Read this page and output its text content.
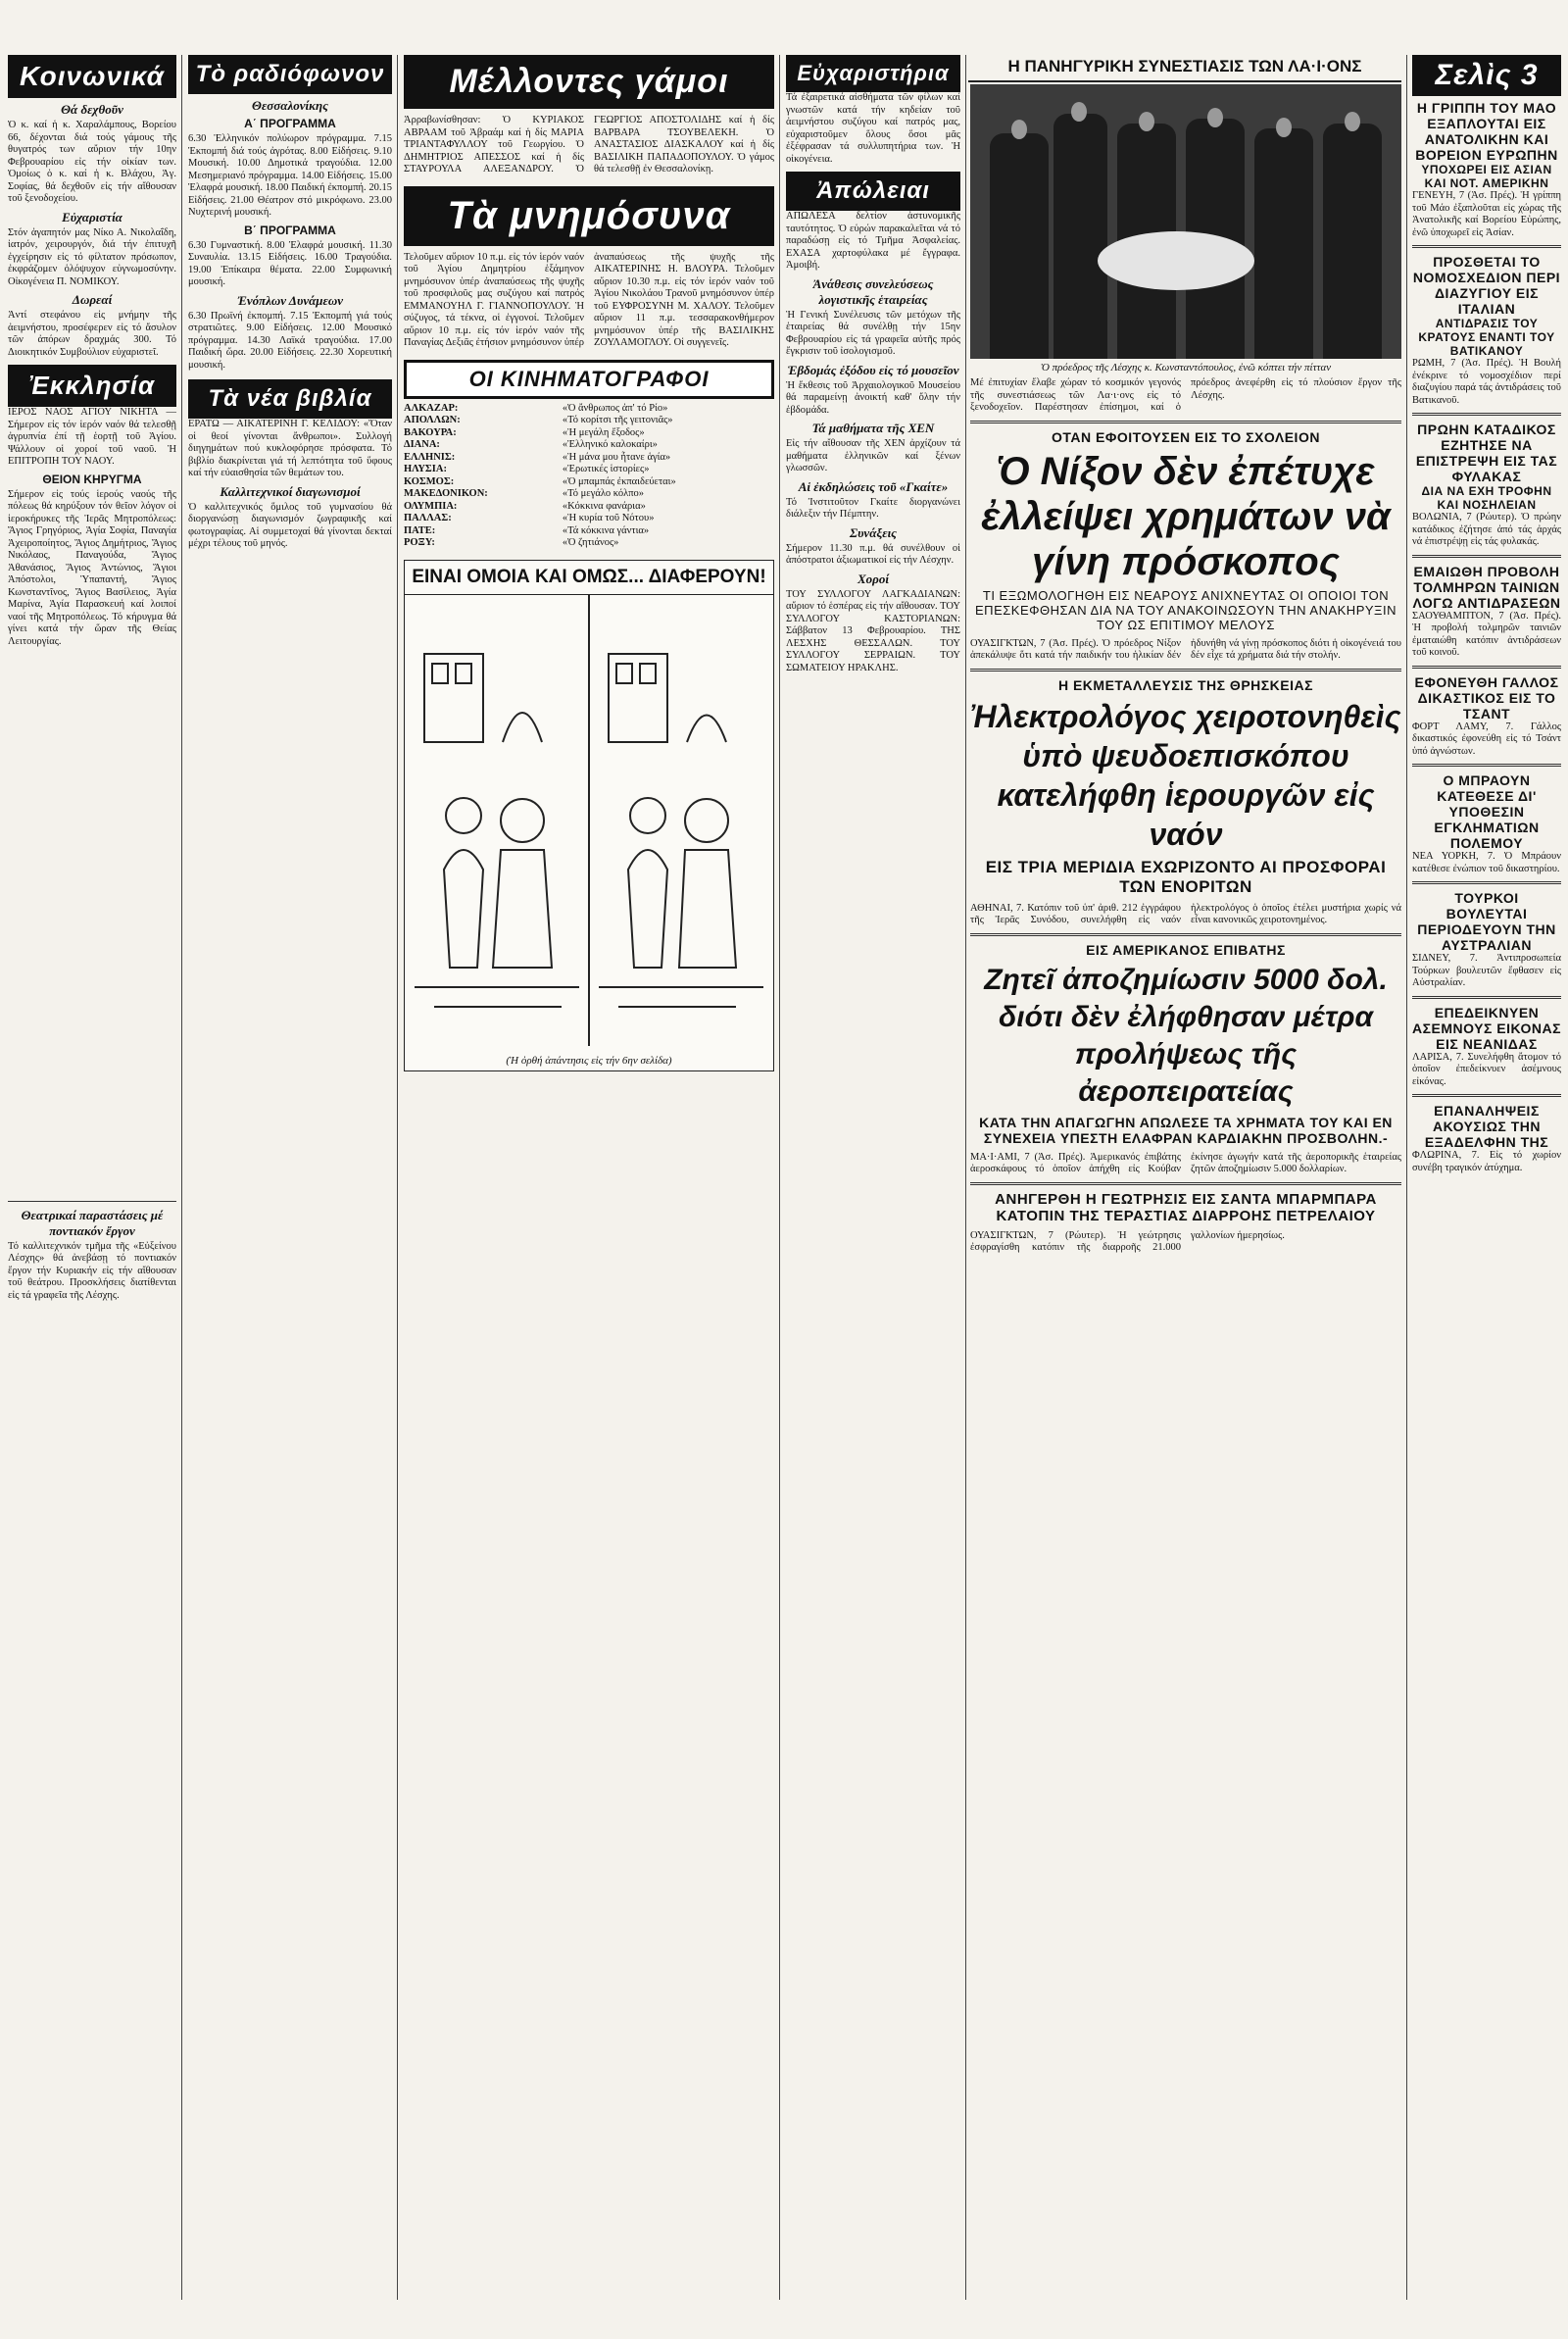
Η ΠΑΝΗΓΥΡΙΚΗ ΣΥΝΕΣΤΙΑΣΙΣ ΤΩΝ ΛΑ·Ι·ΟΝΣ
Κοινωνικά
Θά δεχθοῦν

Ὁ κ. καί ἡ κ. Χαραλάμπους, Βορείου 66, δέχονται διά τούς γάμους τῆς θυγατρός των αὔριον τήν 10ην Φεβρουαρίου εἰς τήν οἰκίαν των. Ὁμοίως ὁ κ. καί ἡ κ. Βλάχου, Ἀγ. Σοφίας, θά δεχθοῦν εἰς τήν αἴθουσαν τοῦ ξενοδοχείου.

Εὐχαριστία

Στόν ἀγαπητόν μας Νίκο Α. Νικολαΐδη, ἰατρόν, χειρουργόν, διά τήν ἐπιτυχῆ ἐγχείρησιν εἰς τό φίλτατον πρόσωπον, ἐκφράζομεν ὁλόψυχον εὐγνωμοσύνην. Οἰκογένεια Π. ΝΟΜΙΚΟΥ.

Δωρεαί

Ἀντί στεφάνου εἰς μνήμην τῆς ἀειμνήστου, προσέφερεν εἰς τό ἄσυλον τῶν ἀπόρων δραχμάς 300. Τό Διοικητικόν Συμβούλιον εὐχαριστεῖ.

Ἐκκλησία

ΙΕΡΟΣ ΝΑΟΣ ΑΓΙΟΥ ΝΙΚΗΤΑ — Σήμερον εἰς τόν ἱερόν ναόν θά τελεσθῇ ἀγρυπνία ἐπί τῇ ἑορτῇ τοῦ Ἁγίου. Ψάλλουν οἱ χοροί τοῦ ναοῦ. Ἡ ΕΠΙΤΡΟΠΗ ΤΟΥ ΝΑΟΥ.

ΘΕΙΟΝ ΚΗΡΥΓΜΑ

Σήμερον εἰς τούς ἱερούς ναούς τῆς πόλεως θά κηρύξουν τόν θεῖον λόγον οἱ ἱεροκήρυκες τῆς Ἱερᾶς Μητροπόλεως: Ἅγιος Γρηγόριος, Ἁγία Σοφία, Παναγία Ἀχειροποίητος, Ἅγιος Δημήτριος, Ἅγιος Νικόλαος, Παναγούδα, Ἅγιος Ἀθανάσιος, Ἅγιος Ἀντώνιος, Ἅγιοι Ἀπόστολοι, Ὑπαπαντή, Ἅγιος Κωνσταντῖνος, Ἅγιος Βασίλειος, Ἁγία Μαρίνα, Ἁγία Παρασκευή καί λοιποί ναοί τῆς Μητροπόλεως. Τό κήρυγμα θά γίνει κατά τήν ὥραν τῆς Θείας Λειτουργίας.

Θεατρικαί παραστάσεις μέ ποντιακόν ἔργον

Τό καλλιτεχνικόν τμῆμα τῆς «Εὐξείνου Λέσχης» θά ἀνεβάσῃ τό ποντιακόν ἔργον τήν Κυριακήν εἰς τήν αἴθουσαν τοῦ θεάτρου. Προσκλήσεις διατίθενται εἰς τά γραφεῖα τῆς Λέσχης.

Τὸ ραδιόφωνον
Θεσσαλονίκης
Α΄ ΠΡΟΓΡΑΜΜΑ

6.30 Ἑλληνικόν πολύωρον πρόγραμμα. 7.15 Ἐκπομπή διά τούς ἀγρότας. 8.00 Εἰδήσεις. 9.10 Μουσική. 10.00 Δημοτικά τραγούδια. 12.00 Μεσημεριανό πρόγραμμα. 14.00 Εἰδήσεις. 15.00 Ἐλαφρά μουσική. 18.00 Παιδική ἐκπομπή. 20.15 Εἰδήσεις. 21.00 Θέατρον στό μικρόφωνο. 23.00 Νυχτερινή μουσική.

Β΄ ΠΡΟΓΡΑΜΜΑ

6.30 Γυμναστική. 8.00 Ἐλαφρά μουσική. 11.30 Συναυλία. 13.15 Εἰδήσεις. 16.00 Τραγούδια. 19.00 Ἐπίκαιρα θέματα. 22.00 Συμφωνική μουσική.

Ἐνόπλων Δυνάμεων

6.30 Πρωϊνή ἐκπομπή. 7.15 Ἐκπομπή γιά τούς στρατιῶτες. 9.00 Εἰδήσεις. 12.00 Μουσικό πρόγραμμα. 14.30 Λαϊκά τραγούδια. 17.00 Παιδική ὥρα. 20.00 Εἰδήσεις. 22.30 Χορευτική μουσική.

Τὰ νέα βιβλία

ΕΡΑΤΩ — ΑΙΚΑΤΕΡΙΝΗ Γ. ΚΕΛΙΔΟΥ: «Ὅταν οἱ θεοί γίνονται ἄνθρωποι». Συλλογή διηγημάτων πού κυκλοφόρησε πρόσφατα. Τό βιβλίο διακρίνεται γιά τή λεπτότητα τοῦ ὕφους καί τήν εὐαισθησία τῶν θεμάτων του.

Καλλιτεχνικοί διαγωνισμοί

Ὁ καλλιτεχνικός ὅμιλος τοῦ γυμνασίου θά διοργανώσῃ διαγωνισμόν ζωγραφικῆς καί φωτογραφίας. Αἱ συμμετοχαί θά γίνονται δεκταί μέχρι τέλους τοῦ μηνός.

Μέλλοντες γάμοι

Ἀρραβωνίσθησαν: Ὁ ΚΥΡΙΑΚΟΣ ΑΒΡΑΑΜ τοῦ Ἀβραάμ καί ἡ δίς ΜΑΡΙΑ ΤΡΙΑΝΤΑΦΥΛΛΟΥ τοῦ Γεωργίου. Ὁ ΔΗΜΗΤΡΙΟΣ ΑΠΕΣΣΟΣ καί ἡ δίς ΣΤΑΥΡΟΥΛΑ ΑΛΕΞΑΝΔΡΟΥ. Ὁ ΓΕΩΡΓΙΟΣ ΑΠΟΣΤΟΛΙΔΗΣ καί ἡ δίς ΒΑΡΒΑΡΑ ΤΣΟΥΒΕΛΕΚΗ. Ὁ ΑΝΑΣΤΑΣΙΟΣ ΔΙΑΣΚΑΛΟΥ καί ἡ δίς ΒΑΣΙΛΙΚΗ ΠΑΠΑΔΟΠΟΥΛΟΥ. Ὁ γάμος θά τελεσθῇ ἐν Θεσσαλονίκῃ.

Τὰ μνημόσυνα

Τελοῦμεν αὔριον 10 π.μ. εἰς τόν ἱερόν ναόν τοῦ Ἁγίου Δημητρίου ἑξάμηνον μνημόσυνον ὑπέρ ἀναπαύσεως τῆς ψυχῆς τοῦ προσφιλοῦς μας συζύγου καί πατρός ΕΜΜΑΝΟΥΗΛ Γ. ΓΙΑΝΝΟΠΟΥΛΟΥ. Ἡ σύζυγος, τά τέκνα, οἱ ἐγγονοί. Τελοῦμεν αὔριον 10 π.μ. εἰς τόν ἱερόν ναόν τῆς Παναγίας Δεξιᾶς ἐτήσιον μνημόσυνον ὑπέρ ἀναπαύσεως τῆς ψυχῆς τῆς ΑΙΚΑΤΕΡΙΝΗΣ Η. ΒΛΟΥΡΑ. Τελοῦμεν αὔριον 10.30 π.μ. εἰς τόν ἱερόν ναόν τοῦ Ἁγίου Νικολάου Τρανοῦ μνημόσυνον ὑπέρ τοῦ ΕΥΦΡΟΣΥΝΗ Μ. ΧΑΛΟΥ. Τελοῦμεν αὔριον 11 π.μ. τεσσαρακονθήμερον μνημόσυνον ὑπέρ τῆς ΒΑΣΙΛΙΚΗΣ ΖΟΥΛΑΜΟΓΛΟΥ. Οἱ συγγενεῖς.

ΟΙ ΚΙΝΗΜΑΤΟΓΡΑΦΟΙ
ΑΛΚΑΖΑΡ:	«Ὁ ἄνθρωπος ἀπ' τό Ρίο»
ΑΠΟΛΛΩΝ:	«Τό κορίτσι τῆς γειτονιᾶς»
ΒΑΚΟΥΡΑ:	«Ἡ μεγάλη ἔξοδος»
ΔΙΑΝΑ:	«Ἑλληνικό καλοκαίρι»
ΕΛΛΗΝΙΣ:	«Ἡ μάνα μου ἦτανε ἁγία»
ΗΛΥΣΙΑ:	«Ἐρωτικές ἱστορίες»
ΚΟΣΜΟΣ:	«Ὁ μπαμπάς ἐκπαιδεύεται»
ΜΑΚΕΔΟΝΙΚΟΝ:	«Τό μεγάλο κόλπο»
ΟΛΥΜΠΙΑ:	«Κόκκινα φανάρια»
ΠΑΛΛΑΣ:	«Ἡ κυρία τοῦ Νότου»
ΠΑΤΕ:	«Τά κόκκινα γάντια»
ΡΟΞΥ:	«Ὁ ζητιάνος»
ΕΙΝΑΙ ΟΜΟΙΑ ΚΑΙ ΟΜΩΣ... ΔΙΑΦΕΡΟΥΝ!
(Ἡ ὀρθή ἀπάντησις εἰς τήν 6ην σελίδα)
Εὐχαριστήρια

Τά ἐξαιρετικά αἰσθήματα τῶν φίλων καί γνωστῶν κατά τήν κηδείαν τοῦ ἀειμνήστου συζύγου καί πατρός μας, εὐχαριστοῦμεν ὅλους ὅσοι μᾶς ἐξέφρασαν τά συλλυπητήρια των. Ἡ οἰκογένεια.

Ἀπώλειαι

ΑΠΩΛΕΣΑ δελτίον ἀστυνομικῆς ταυτότητος. Ὁ εὑρών παρακαλεῖται νά τό παραδώσῃ εἰς τό Τμῆμα Ἀσφαλείας. ΕΧΑΣΑ χαρτοφύλακα μέ ἔγγραφα. Ἀμοιβή.

Ἀνάθεσις συνελεύσεως λογιστικῆς ἑταιρείας

Ἡ Γενική Συνέλευσις τῶν μετόχων τῆς ἑταιρείας θά συνέλθῃ τήν 15ην Φεβρουαρίου εἰς τά γραφεῖα αὐτῆς πρός ἔγκρισιν τοῦ ἰσολογισμοῦ.

Ἑβδομάς ἐξόδου εἰς τό μουσεῖον

Ἡ ἔκθεσις τοῦ Ἀρχαιολογικοῦ Μουσείου θά παραμείνῃ ἀνοικτή καθ' ὅλην τήν ἑβδομάδα.

Τά μαθήματα τῆς ΧΕΝ

Εἰς τήν αἴθουσαν τῆς ΧΕΝ ἀρχίζουν τά μαθήματα ἑλληνικῶν καί ξένων γλωσσῶν.

Αἱ ἐκδηλώσεις τοῦ «Γκαίτε»

Τό Ἰνστιτοῦτον Γκαίτε διοργανώνει διάλεξιν τήν Πέμπτην.

Συνάξεις

Σήμερον 11.30 π.μ. θά συνέλθουν οἱ ἀπόστρατοι ἀξιωματικοί εἰς τήν Λέσχην.

Χοροί

ΤΟΥ ΣΥΛΛΟΓΟΥ ΛΑΓΚΑΔΙΑΝΩΝ: αὔριον τό ἑσπέρας εἰς τήν αἴθουσαν. ΤΟΥ ΣΥΛΛΟΓΟΥ ΚΑΣΤΟΡΙΑΝΩΝ: Σάββατον 13 Φεβρουαρίου. ΤΗΣ ΛΕΣΧΗΣ ΘΕΣΣΑΛΩΝ. ΤΟΥ ΣΥΛΛΟΓΟΥ ΣΕΡΡΑΙΩΝ. ΤΟΥ ΣΩΜΑΤΕΙΟΥ ΗΡΑΚΛΗΣ.

Ὁ πρόεδρος τῆς Λέσχης κ. Κωνσταντόπουλος, ἐνῶ κόπτει τήν πίτταν

Μέ ἐπιτυχίαν ἔλαβε χώραν τό κοσμικόν γεγονός τῆς συνεστιάσεως τῶν Λα·ι·ονς εἰς τό ξενοδοχεῖον. Παρέστησαν ἐπίσημοι, καί ὁ πρόεδρος ἀνεφέρθη εἰς τό πλούσιον ἔργον τῆς Λέσχης.

ΟΤΑΝ ΕΦΟΙΤΟΥΣΕΝ ΕΙΣ ΤΟ ΣΧΟΛΕΙΟΝ
Ὁ Νίξον δὲν ἐπέτυχε ἐλλείψει χρημάτων νὰ γίνη πρόσκοπος
ΤΙ ΕΞΩΜΟΛΟΓΗΘΗ ΕΙΣ ΝΕΑΡΟΥΣ ΑΝΙΧΝΕΥΤΑΣ ΟΙ ΟΠΟΙΟΙ ΤΟΝ ΕΠΕΣΚΕΦΘΗΣΑΝ ΔΙΑ ΝΑ ΤΟΥ ΑΝΑΚΟΙΝΩΣΟΥΝ ΤΗΝ ΑΝΑΚΗΡΥΞΙΝ ΤΟΥ ΩΣ ΕΠΙΤΙΜΟΥ ΜΕΛΟΥΣ

ΟΥΑΣΙΓΚΤΩΝ, 7 (Ἀσ. Πρές). Ὁ πρόεδρος Νίξον ἀπεκάλυψε ὅτι κατά τήν παιδικήν του ἡλικίαν δέν ἠδυνήθη νά γίνῃ πρόσκοπος διότι ἡ οἰκογένειά του δέν εἶχε τά χρήματα διά τήν στολήν.

Η ΕΚΜΕΤΑΛΛΕΥΣΙΣ ΤΗΣ ΘΡΗΣΚΕΙΑΣ
Ἠλεκτρολόγος χειροτονηθεὶς ὑπὸ ψευδοεπισκόπου κατελήφθη ἱερουργῶν εἰς ναόν
ΕΙΣ ΤΡΙΑ ΜΕΡΙΔΙΑ ΕΧΩΡΙΖΟΝΤΟ ΑΙ ΠΡΟΣΦΟΡΑΙ ΤΩΝ ΕΝΟΡΙΤΩΝ

ΑΘΗΝΑΙ, 7. Κατόπιν τοῦ ὑπ' ἀριθ. 212 ἐγγράφου τῆς Ἱερᾶς Συνόδου, συνελήφθη εἰς ναόν ἠλεκτρολόγος ὁ ὁποῖος ἐτέλει μυστήρια χωρίς νά εἶναι κανονικῶς χειροτονημένος.

ΕΙΣ ΑΜΕΡΙΚΑΝΟΣ ΕΠΙΒΑΤΗΣ
Ζητεῖ ἀποζημίωσιν 5000 δολ. διότι δὲν ἐλήφθησαν μέτρα προλήψεως τῆς ἀεροπειρατείας
ΚΑΤΑ ΤΗΝ ΑΠΑΓΩΓΗΝ ΑΠΩΛΕΣΕ ΤΑ ΧΡΗΜΑΤΑ ΤΟΥ ΚΑΙ ΕΝ ΣΥΝΕΧΕΙΑ ΥΠΕΣΤΗ ΕΛΑΦΡΑΝ ΚΑΡΔΙΑΚΗΝ ΠΡΟΣΒΟΛΗΝ.-

ΜΑ·Ι·ΑΜΙ, 7 (Ἀσ. Πρές). Ἀμερικανός ἐπιβάτης ἀεροσκάφους τό ὁποῖον ἀπήχθη εἰς Κούβαν ἐκίνησε ἀγωγήν κατά τῆς ἀεροπορικῆς ἑταιρείας ζητῶν ἀποζημίωσιν 5.000 δολλαρίων.

ΑΝΗΓΕΡΘΗ Η ΓΕΩΤΡΗΣΙΣ ΕΙΣ ΣΑΝΤΑ ΜΠΑΡΜΠΑΡΑ ΚΑΤΟΠΙΝ ΤΗΣ ΤΕΡΑΣΤΙΑΣ ΔΙΑΡΡΟΗΣ ΠΕΤΡΕΛΑΙΟΥ

ΟΥΑΣΙΓΚΤΩΝ, 7 (Ρώυτερ). Ἡ γεώτρησις ἐσφραγίσθη κατόπιν τῆς διαρροῆς 21.000 γαλλονίων ἡμερησίως.

Σελὶς 3
Η ΓΡΙΠΠΗ ΤΟΥ ΜΑΟ ΕΞΑΠΛΟΥΤΑΙ ΕΙΣ ΑΝΑΤΟΛΙΚΗΝ ΚΑΙ ΒΟΡΕΙΟΝ ΕΥΡΩΠΗΝ
ΥΠΟΧΩΡΕΙ ΕΙΣ ΑΣΙΑΝ ΚΑΙ ΝΟΤ. ΑΜΕΡΙΚΗΝ

ΓΕΝΕΥΗ, 7 (Ἀσ. Πρές). Ἡ γρίππη τοῦ Μάο ἐξαπλοῦται εἰς χώρας τῆς Ἀνατολικῆς καί Βορείου Εὐρώπης, ἐνῶ ὑποχωρεῖ εἰς Ἀσίαν.

ΠΡΟΣΘΕΤΑΙ ΤΟ ΝΟΜΟΣΧΕΔΙΟΝ ΠΕΡΙ ΔΙΑΖΥΓΙΟΥ ΕΙΣ ΙΤΑΛΙΑΝ
ΑΝΤΙΔΡΑΣΙΣ ΤΟΥ ΚΡΑΤΟΥΣ ΕΝΑΝΤΙ ΤΟΥ ΒΑΤΙΚΑΝΟΥ

ΡΩΜΗ, 7 (Ἀσ. Πρές). Ἡ Βουλή ἐνέκρινε τό νομοσχέδιον περί διαζυγίου παρά τάς ἀντιδράσεις τοῦ Βατικανοῦ.

ΠΡΩΗΝ ΚΑΤΑΔΙΚΟΣ ΕΖΗΤΗΣΕ ΝΑ ΕΠΙΣΤΡΕΨΗ ΕΙΣ ΤΑΣ ΦΥΛΑΚΑΣ
ΔΙΑ ΝΑ ΕΧΗ ΤΡΟΦΗΝ ΚΑΙ ΝΟΣΗΛΕΙΑΝ

ΒΟΛΩΝΙΑ, 7 (Ρώυτερ). Ὁ πρώην κατάδικος ἐζήτησε ἀπό τάς ἀρχάς νά ἐπιστρέψῃ εἰς τάς φυλακάς.

ΕΜΑΙΩΘΗ ΠΡΟΒΟΛΗ ΤΟΛΜΗΡΩΝ ΤΑΙΝΙΩΝ ΛΟΓΩ ΑΝΤΙΔΡΑΣΕΩΝ

ΣΑΟΥΘΑΜΠΤΟΝ, 7 (Ἀσ. Πρές). Ἡ προβολή τολμηρῶν ταινιῶν ἐματαιώθη κατόπιν ἀντιδράσεων τοῦ κοινοῦ.

ΕΦΟΝΕΥΘΗ ΓΑΛΛΟΣ ΔΙΚΑΣΤΙΚΟΣ ΕΙΣ ΤΟ ΤΣΑΝΤ

ΦΟΡΤ ΛΑΜΥ, 7. Γάλλος δικαστικός ἐφονεύθη εἰς τό Τσάντ ὑπό ἀγνώστων.

Ο ΜΠΡΑΟΥΝ ΚΑΤΕΘΕΣΕ ΔΙ' ΥΠΟΘΕΣΙΝ ΕΓΚΛΗΜΑΤΙΩΝ ΠΟΛΕΜΟΥ

ΝΕΑ ΥΟΡΚΗ, 7. Ὁ Μπράουν κατέθεσε ἐνώπιον τοῦ δικαστηρίου.

ΤΟΥΡΚΟΙ ΒΟΥΛΕΥΤΑΙ ΠΕΡΙΟΔΕΥΟΥΝ ΤΗΝ ΑΥΣΤΡΑΛΙΑΝ

ΣΙΔΝΕΥ, 7. Ἀντιπροσωπεία Τούρκων βουλευτῶν ἔφθασεν εἰς Αὐστραλίαν.

ΕΠΕΔΕΙΚΝΥΕΝ ΑΣΕΜΝΟΥΣ ΕΙΚΟΝΑΣ ΕΙΣ ΝΕΑΝΙΔΑΣ

ΛΑΡΙΣΑ, 7. Συνελήφθη ἄτομον τό ὁποῖον ἐπεδείκνυεν ἀσέμνους εἰκόνας.

ΕΠΑΝΑΛΗΨΕΙΣ ΑΚΟΥΣΙΩΣ ΤΗΝ ΕΞΑΔΕΛΦΗΝ ΤΗΣ

ΦΛΩΡΙΝΑ, 7. Εἰς τό χωρίον συνέβη τραγικόν ἀτύχημα.
